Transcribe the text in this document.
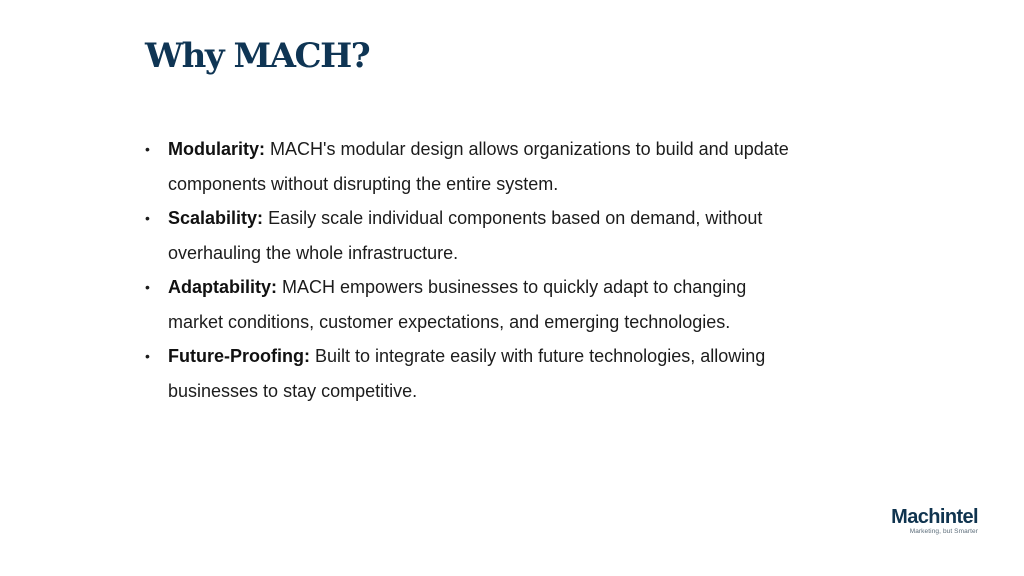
Why MACH?
• Modularity: MACH's modular design allows organizations to build and update components without disrupting the entire system.
• Scalability: Easily scale individual components based on demand, without overhauling the whole infrastructure.
• Adaptability: MACH empowers businesses to quickly adapt to changing market conditions, customer expectations, and emerging technologies.
• Future-Proofing: Built to integrate easily with future technologies, allowing businesses to stay competitive.
Machintel
Marketing, but Smarter
